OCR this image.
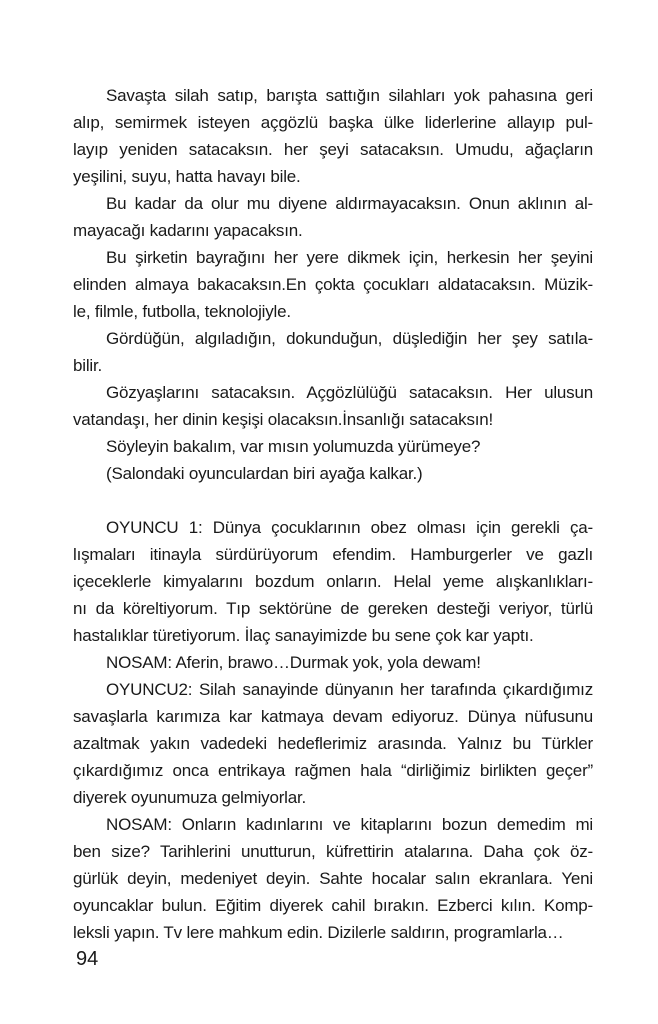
Savaşta silah satıp, barışta sattığın silahları yok pahasına geri
alıp, semirmek isteyen açgözlü başka ülke liderlerine allayıp pul-
layıp yeniden satacaksın. her şeyi satacaksın. Umudu, ağaçların
yeşilini, suyu, hatta havayı bile.

Bu kadar da olur mu diyene aldırmayacaksın. Onun aklının al-
mayacağı kadarını yapacaksın.

Bu şirketin bayrağını her yere dikmek için, herkesin her şeyini
elinden almaya bakacaksın.En çokta çocukları aldatacaksın. Müzik-
le, filmle, futbolla, teknolojiyle.

Gördüğün, algıladığın, dokunduğun, düşlediğin her şey satıla-
bilir.

Gözyaşlarını satacaksın. Açgözlülüğü satacaksın. Her ulusun
vatandaşı, her dinin keşişi olacaksın.İnsanlığı satacaksın!

Söyleyin bakalım, var mısın yolumuzda yürümeye?

(Salondaki oyunculardan biri ayağa kalkar.)

OYUNCU 1: Dünya çocuklarının obez olması için gerekli ça-
lışmaları itinayla sürdürüyorum efendim. Hamburgerler ve gazlı
içeceklerle kimyalarını bozdum onların. Helal yeme alışkanlıkları-
nı da köreltiyorum. Tıp sektörüne de gereken desteği veriyor, türlü
hastalıklar türetiyorum. İlaç sanayimizde bu sene çok kar yaptı.

NOSAM: Aferin, brawo…Durmak yok, yola dewam!

OYUNCU2: Silah sanayinde dünyanın her tarafında çıkardığımız
savaşlarla karımıza kar katmaya devam ediyoruz. Dünya nüfusunu
azaltmak yakın vadedeki hedeflerimiz arasında. Yalnız bu Türkler
çıkardığımız onca entrikaya rağmen hala “dirliğimiz birlikten geçer”
diyerek oyunumuza gelmiyorlar.

NOSAM: Onların kadınlarını ve kitaplarını bozun demedim mi
ben size? Tarihlerini unutturun, küfrettirin atalarına. Daha çok öz-
gürlük deyin, medeniyet deyin. Sahte hocalar salın ekranlara. Yeni
oyuncaklar bulun. Eğitim diyerek cahil bırakın. Ezberci kılın. Komp-
leksli yapın. Tv lere mahkum edin. Dizilerle saldırın, programlarla…

94
